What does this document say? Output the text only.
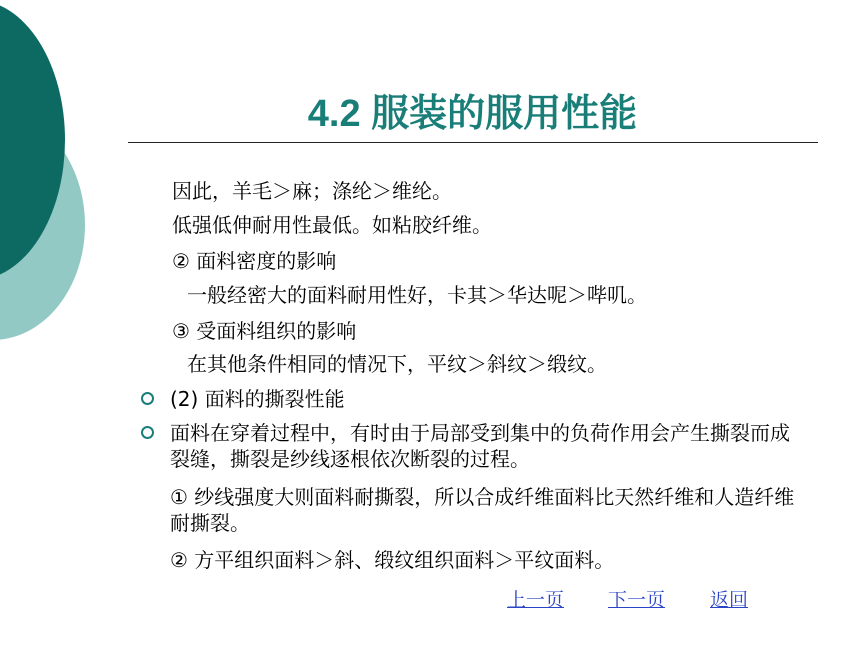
4.2 服装的服用性能
因此，羊毛＞麻；涤纶＞维纶。
低强低伸耐用性最低。如粘胶纤维。
② 面料密度的影响
一般经密大的面料耐用性好，卡其＞华达呢＞哔叽。
③ 受面料组织的影响
在其他条件相同的情况下，平纹＞斜纹＞缎纹。
(2) 面料的撕裂性能
面料在穿着过程中，有时由于局部受到集中的负荷作用会产生撕裂而成裂缝，撕裂是纱线逐根依次断裂的过程。
① 纱线强度大则面料耐撕裂，所以合成纤维面料比天然纤维和人造纤维耐撕裂。
② 方平组织面料＞斜、缎纹组织面料＞平纹面料。
上一页 下一页 返回
